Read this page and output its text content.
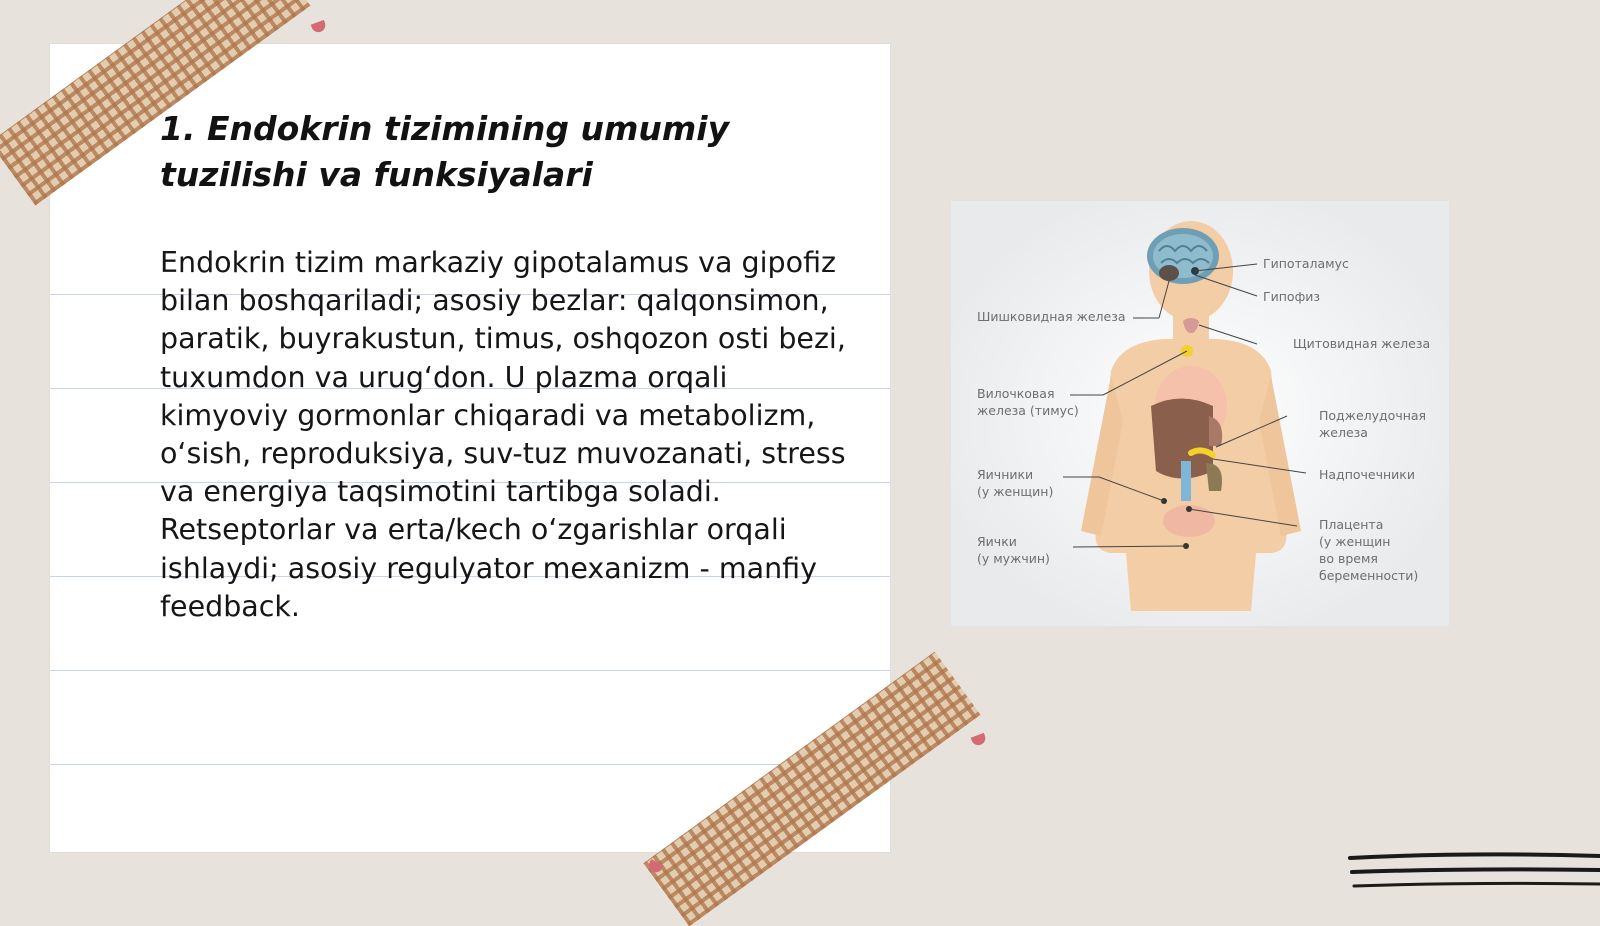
1. Endokrin tizimining umumiy tuzilishi va funksiyalari

Endokrin tizim markaziy gipotalamus va gipofiz bilan boshqariladi; asosiy bezlar: qalqonsimon, paratik, buyrakustun, timus, oshqozon osti bezi, tuxumdon va urug‘don. U plazma orqali kimyoviy gormonlar chiqaradi va metabolizm, o‘sish, reproduksiya, suv-tuz muvozanati, stress va energiya taqsimotini tartibga soladi. Retseptorlar va erta/kech o‘zgarishlar orqali ishlaydi; asosiy regulyator mexanizm - manfiy feedback.

Гипоталамус
Гипофиз
Шишковидная железа
Щитовидная железа
Вилочковая
железа (тимус)	Поджелудочная
железа
Надпочечники
Яичники
(у женщин)
Плацента
(у женщин
во время
беременности)
Яички
(у мужчин)
